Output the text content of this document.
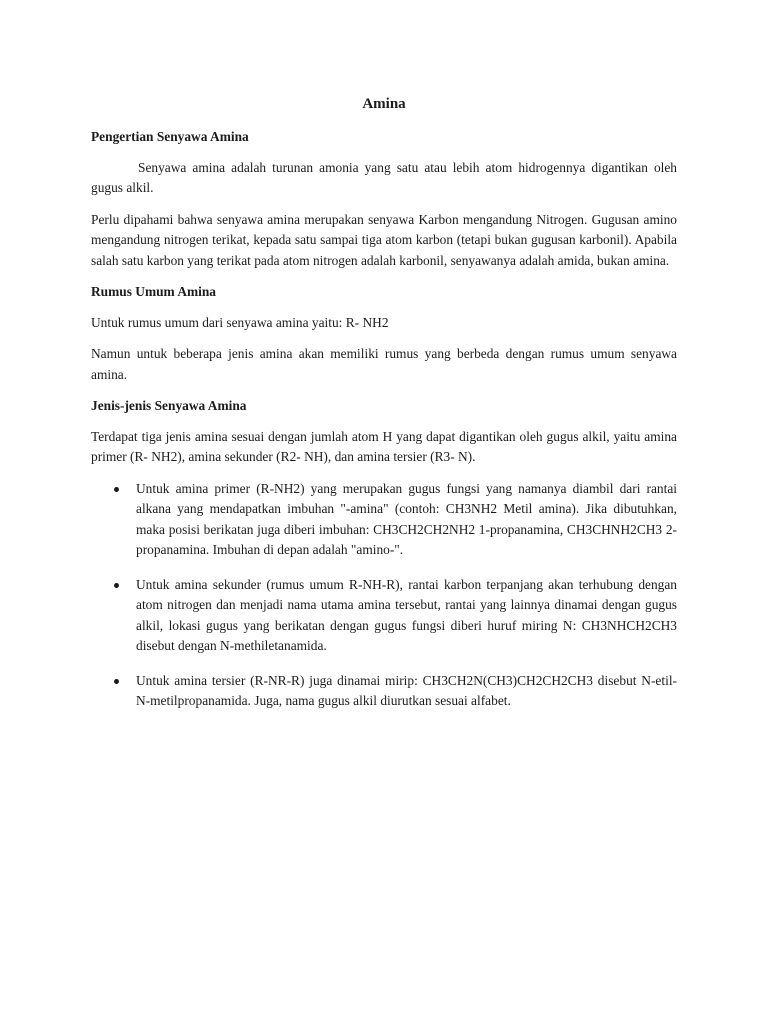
Amina
Pengertian Senyawa Amina

Senyawa amina adalah turunan amonia yang satu atau lebih atom hidrogennya digantikan oleh gugus alkil.

Perlu dipahami bahwa senyawa amina merupakan senyawa Karbon mengandung Nitrogen. Gugusan amino mengandung nitrogen terikat, kepada satu sampai tiga atom karbon (tetapi bukan gugusan karbonil). Apabila salah satu karbon yang terikat pada atom nitrogen adalah karbonil, senyawanya adalah amida, bukan amina.

Rumus Umum Amina

Untuk rumus umum dari senyawa amina yaitu: R- NH2

Namun untuk beberapa jenis amina akan memiliki rumus yang berbeda dengan rumus umum senyawa amina.

Jenis-jenis Senyawa Amina

Terdapat tiga jenis amina sesuai dengan jumlah atom H yang dapat digantikan oleh gugus alkil, yaitu amina primer (R- NH2), amina sekunder (R2- NH), dan amina tersier (R3- N).

Untuk amina primer (R-NH2) yang merupakan gugus fungsi yang namanya diambil dari rantai alkana yang mendapatkan imbuhan "-amina" (contoh: CH3NH2 Metil amina). Jika dibutuhkan, maka posisi berikatan juga diberi imbuhan: CH3CH2CH2NH2 1-propanamina, CH3CHNH2CH3 2-propanamina. Imbuhan di depan adalah "amino-".
Untuk amina sekunder (rumus umum R-NH-R), rantai karbon terpanjang akan terhubung dengan atom nitrogen dan menjadi nama utama amina tersebut, rantai yang lainnya dinamai dengan gugus alkil, lokasi gugus yang berikatan dengan gugus fungsi diberi huruf miring N: CH3NHCH2CH3 disebut dengan N-methiletanamida.
Untuk amina tersier (R-NR-R) juga dinamai mirip: CH3CH2N(CH3)CH2CH2CH3 disebut N-etil-N-metilpropanamida. Juga, nama gugus alkil diurutkan sesuai alfabet.
